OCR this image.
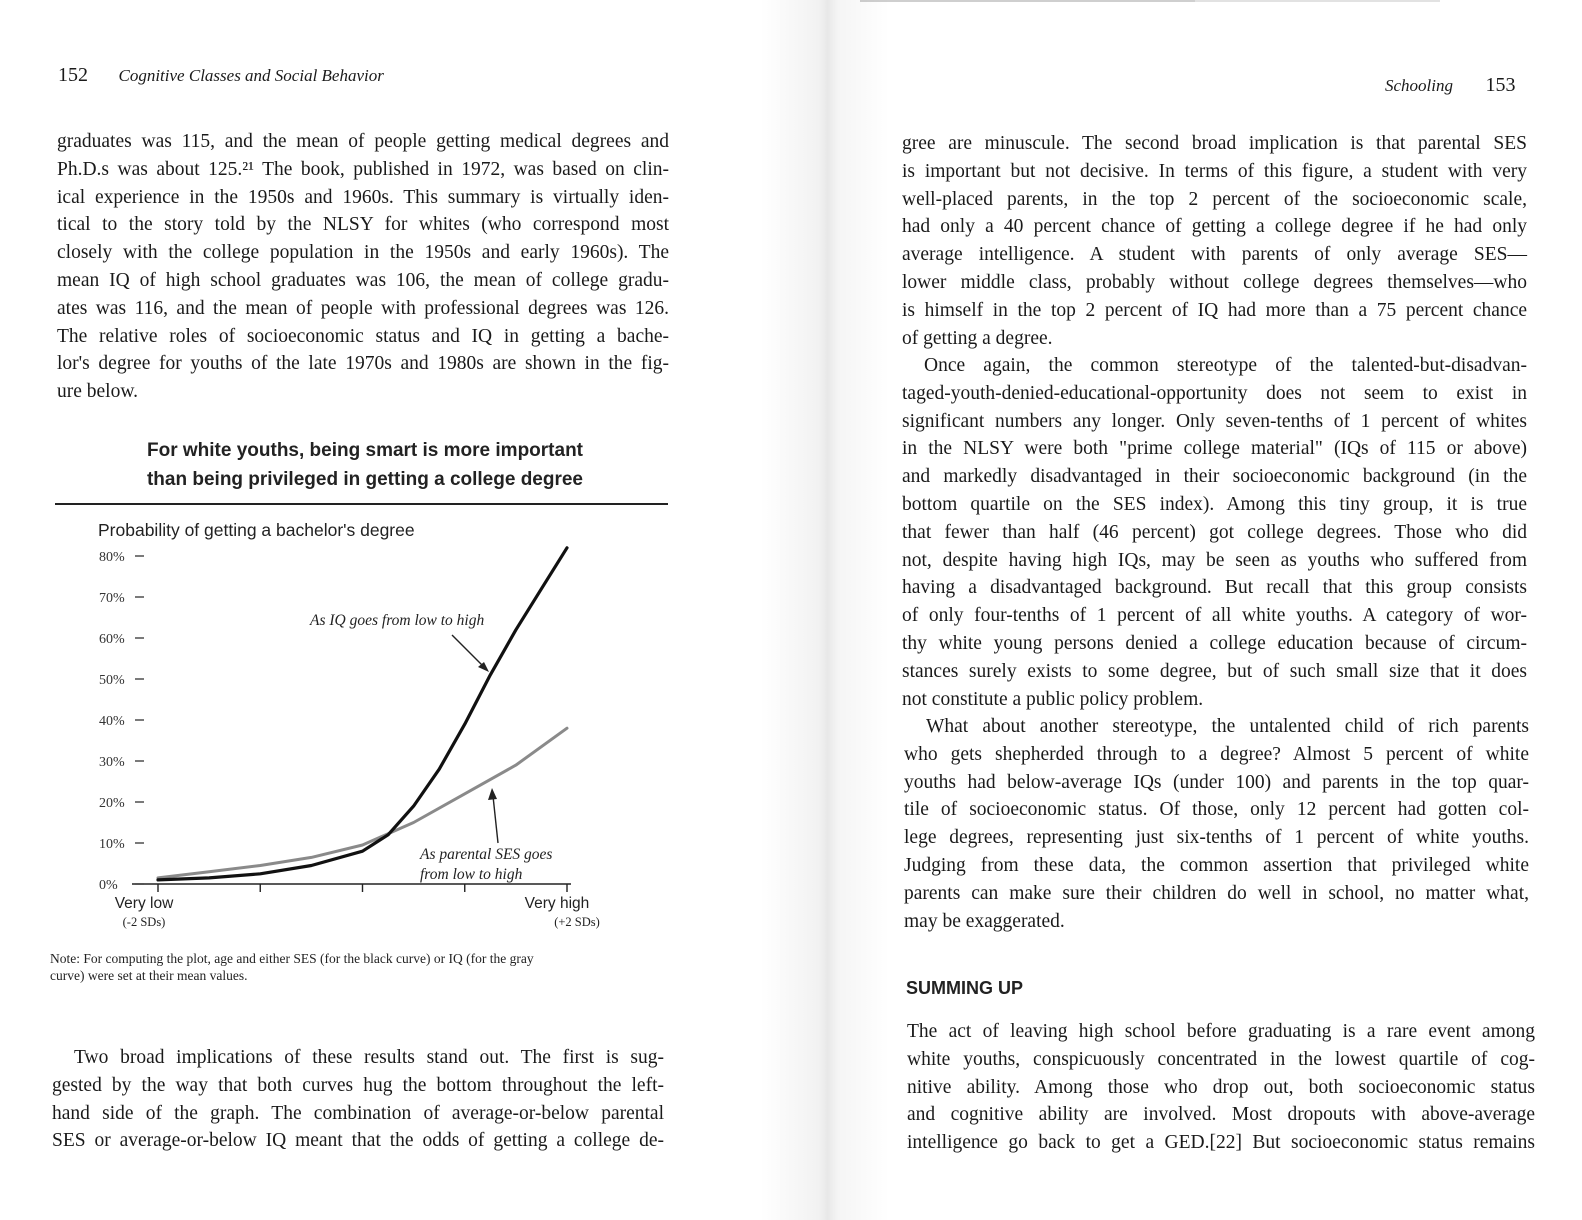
152 Cognitive Classes and Social Behavior
graduates was 115, and the mean of people getting medical degrees and
Ph.D.s was about 125.²¹ The book, published in 1972, was based on clin-
ical experience in the 1950s and 1960s. This summary is virtually iden-
tical to the story told by the NLSY for whites (who correspond most
closely with the college population in the 1950s and early 1960s). The
mean IQ of high school graduates was 106, the mean of college gradu-
ates was 116, and the mean of people with professional degrees was 126.
The relative roles of socioeconomic status and IQ in getting a bache-
lor's degree for youths of the late 1970s and 1980s are shown in the fig-
ure below.
For white youths, being smart is more important
than being privileged in getting a college degree
Probability of getting a bachelor's degree
0%
10%
20%
30%
40%
50%
60%
70%
80%
Very low
(-2 SDs)
Very high
(+2 SDs)
As IQ goes from low to high
As parental SES goes
from low to high
Note: For computing the plot, age and either SES (for the black curve) or IQ (for the gray
curve) were set at their mean values.
Two broad implications of these results stand out. The first is sug-
gested by the way that both curves hug the bottom throughout the left-
hand side of the graph. The combination of average-or-below parental
SES or average-or-below IQ meant that the odds of getting a college de-
Schooling 153
gree are minuscule. The second broad implication is that parental SES
is important but not decisive. In terms of this figure, a student with very
well-placed parents, in the top 2 percent of the socioeconomic scale,
had only a 40 percent chance of getting a college degree if he had only
average intelligence. A student with parents of only average SES—
lower middle class, probably without college degrees themselves—who
is himself in the top 2 percent of IQ had more than a 75 percent chance
of getting a degree.
Once again, the common stereotype of the talented-but-disadvan-
taged-youth-denied-educational-opportunity does not seem to exist in
significant numbers any longer. Only seven-tenths of 1 percent of whites
in the NLSY were both "prime college material" (IQs of 115 or above)
and markedly disadvantaged in their socioeconomic background (in the
bottom quartile on the SES index). Among this tiny group, it is true
that fewer than half (46 percent) got college degrees. Those who did
not, despite having high IQs, may be seen as youths who suffered from
having a disadvantaged background. But recall that this group consists
of only four-tenths of 1 percent of all white youths. A category of wor-
thy white young persons denied a college education because of circum-
stances surely exists to some degree, but of such small size that it does
not constitute a public policy problem.
What about another stereotype, the untalented child of rich parents
who gets shepherded through to a degree? Almost 5 percent of white
youths had below-average IQs (under 100) and parents in the top quar-
tile of socioeconomic status. Of those, only 12 percent had gotten col-
lege degrees, representing just six-tenths of 1 percent of white youths.
Judging from these data, the common assertion that privileged white
parents can make sure their children do well in school, no matter what,
may be exaggerated.
SUMMING UP
The act of leaving high school before graduating is a rare event among
white youths, conspicuously concentrated in the lowest quartile of cog-
nitive ability. Among those who drop out, both socioeconomic status
and cognitive ability are involved. Most dropouts with above-average
intelligence go back to get a GED.[22] But socioeconomic status remains
